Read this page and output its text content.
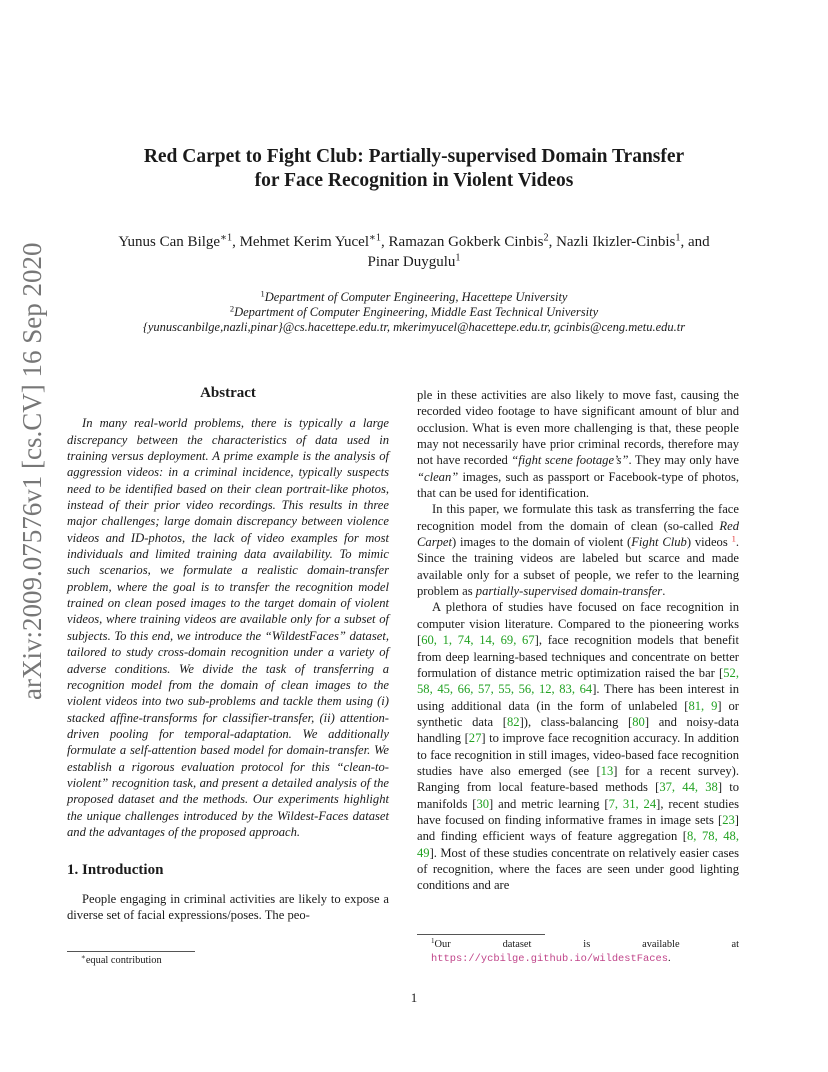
arXiv:2009.07576v1 [cs.CV] 16 Sep 2020
Red Carpet to Fight Club: Partially-supervised Domain Transfer
for Face Recognition in Violent Videos
Yunus Can Bilge$^{∗1}$, Mehmet Kerim Yucel$^{∗1}$, Ramazan Gokberk Cinbis$^2$, Nazli Ikizler-Cinbis$^1$, and
Pinar Duygulu$^1$
$^1$Department of Computer Engineering, Hacettepe University
$^2$Department of Computer Engineering, Middle East Technical University
{yunuscanbilge,nazli,pinar}@cs.hacettepe.edu.tr, mkerimyucel@hacettepe.edu.tr, gcinbis@ceng.metu.edu.tr
Abstract

In many real-world problems, there is typically a large discrepancy between the characteristics of data used in training versus deployment. A prime example is the analysis of aggression videos: in a criminal incidence, typically suspects need to be identified based on their clean portrait-like photos, instead of their prior video recordings. This results in three major challenges; large domain discrepancy between violence videos and ID-photos, the lack of video examples for most individuals and limited training data availability. To mimic such scenarios, we formulate a realistic domain-transfer problem, where the goal is to transfer the recognition model trained on clean posed images to the target domain of violent videos, where training videos are available only for a subset of subjects. To this end, we introduce the “WildestFaces” dataset, tailored to study cross-domain recognition under a variety of adverse conditions. We divide the task of transferring a recognition model from the domain of clean images to the violent videos into two sub-problems and tackle them using (i) stacked affine-transforms for classifier-transfer, (ii) attention-driven pooling for temporal-adaptation. We additionally formulate a self-attention based model for domain-transfer. We establish a rigorous evaluation protocol for this “clean-to-violent” recognition task, and present a detailed analysis of the proposed dataset and the methods. Our experiments highlight the unique challenges introduced by the Wildest-Faces dataset and the advantages of the proposed approach.

1. Introduction

People engaging in criminal activities are likely to expose a diverse set of facial expressions/poses. The peo-

∗equal contribution

ple in these activities are also likely to move fast, causing the recorded video footage to have significant amount of blur and occlusion. What is even more challenging is that, these people may not necessarily have prior criminal records, therefore may not have recorded “fight scene footage’s”. They may only have “clean” images, such as passport or Facebook-type of photos, that can be used for identification.

In this paper, we formulate this task as transferring the face recognition model from the domain of clean (so-called Red Carpet) images to the domain of violent (Fight Club) videos $^1$. Since the training videos are labeled but scarce and made available only for a subset of people, we refer to the learning problem as partially-supervised domain-transfer.

A plethora of studies have focused on face recognition in computer vision literature. Compared to the pioneering works [60, 1, 74, 14, 69, 67], face recognition models that benefit from deep learning-based techniques and concentrate on better formulation of distance metric optimization raised the bar [52, 58, 45, 66, 57, 55, 56, 12, 83, 64]. There has been interest in using additional data (in the form of unlabeled [81, 9] or synthetic data [82]), class-balancing [80] and noisy-data handling [27] to improve face recognition accuracy. In addition to face recognition in still images, video-based face recognition studies have also emerged (see [13] for a recent survey). Ranging from local feature-based methods [37, 44, 38] to manifolds [30] and metric learning [7, 31, 24], recent studies have focused on finding informative frames in image sets [23] and finding efficient ways of feature aggregation [8, 78, 48, 49]. Most of these studies concentrate on relatively easier cases of recognition, where the faces are seen under good lighting conditions and are

$^1$Our dataset is available at https://ycbilge.github.io/wildestFaces.
1
